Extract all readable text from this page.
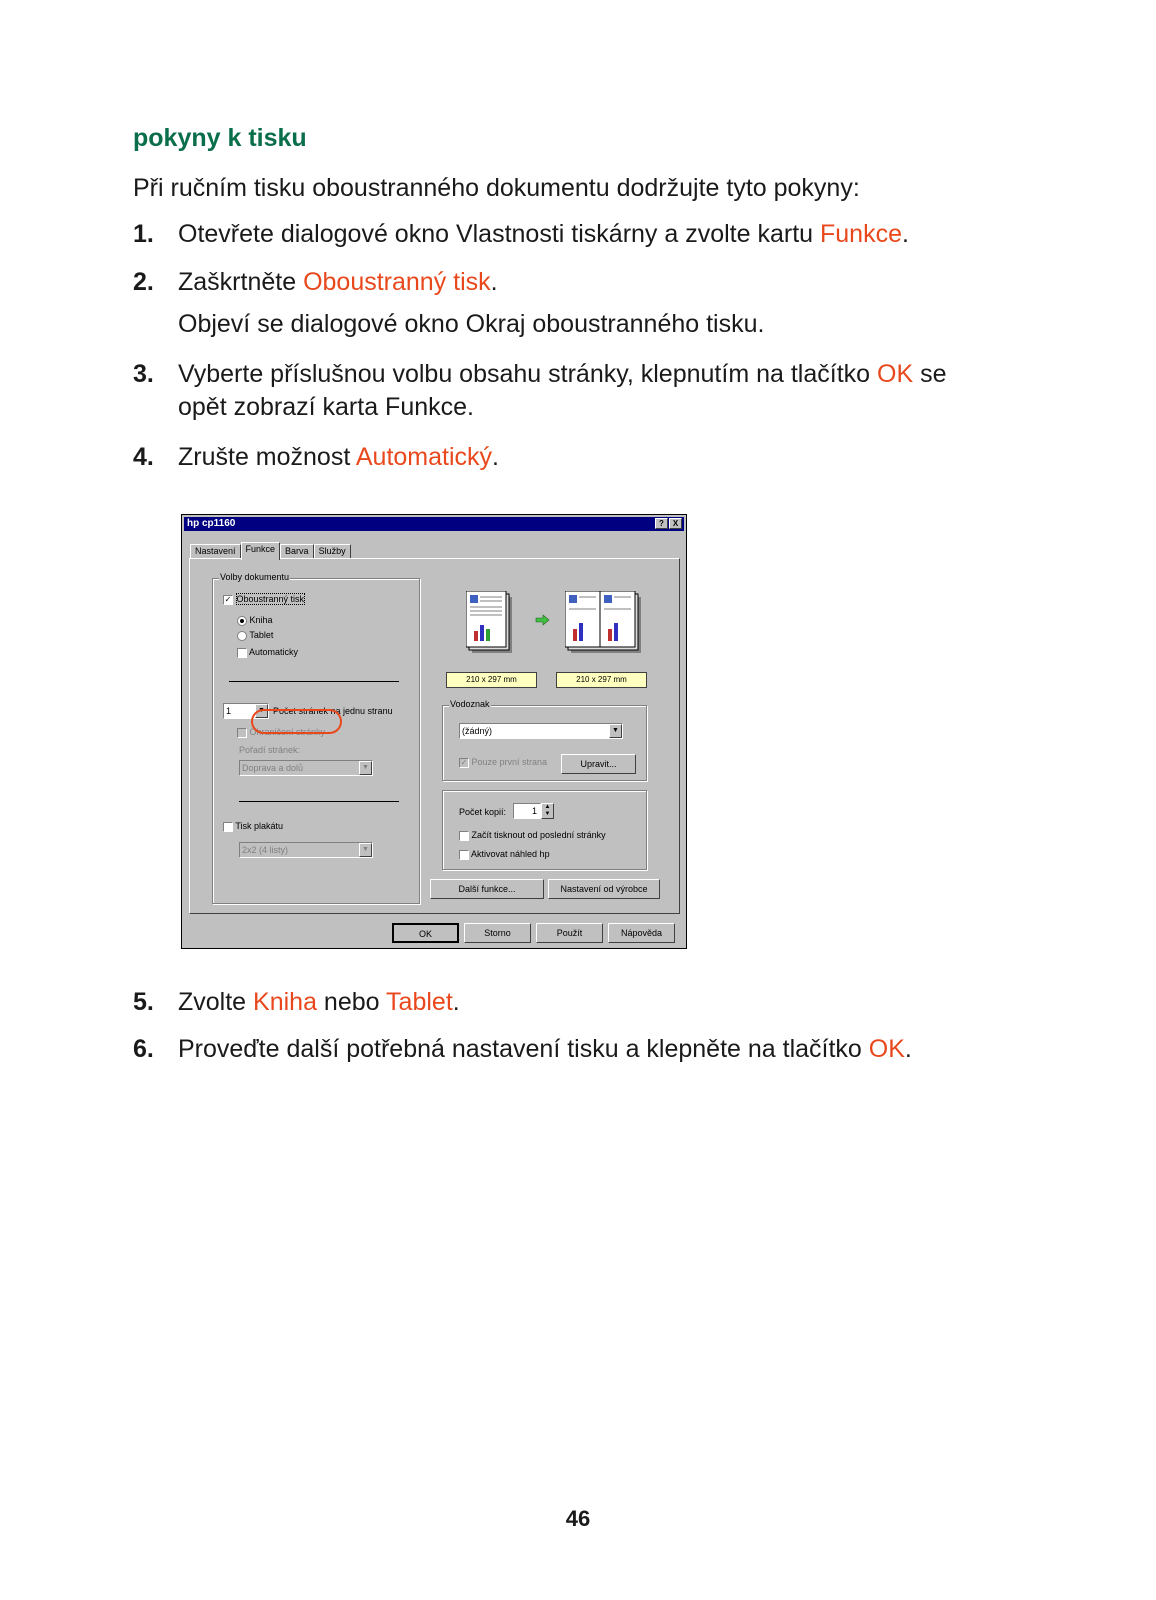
pokyny k tisku
Při ručním tisku oboustranného dokumentu dodržujte tyto pokyny:
1. Otevřete dialogové okno Vlastnosti tiskárny a zvolte kartu Funkce.
2. Zaškrtněte Oboustranný tisk.
Objeví se dialogové okno Okraj oboustranného tisku.
3. Vyberte příslušnou volbu obsahu stránky, klepnutím na tlačítko OK se
opět zobrazí karta Funkce.
4. Zrušte možnost Automatický.
hp cp1160	?	X
Nastavení	Funkce	Barva	Služby
Volby dokumentu
✓ Oboustranný tisk
Kniha
Tablet
Automaticky
1	▼ Počet stránek na jednu stranu
Ohraničení stránky
Pořadí stránek:
Doprava a dolů	▼
Tisk plakátu
2x2 (4 listy)	▼
210 x 297 mm	210 x 297 mm
Vodoznak
(žádný)	▼
✓ Pouze první strana	Upravit...
Počet kopií:	1	▲
▼
Začít tisknout od poslední stránky
Aktivovat náhled hp
Další funkce...	Nastavení od výrobce
OK	Storno	Použít	Nápověda
5. Zvolte Kniha nebo Tablet.
6. Proveďte další potřebná nastavení tisku a klepněte na tlačítko OK.
46
